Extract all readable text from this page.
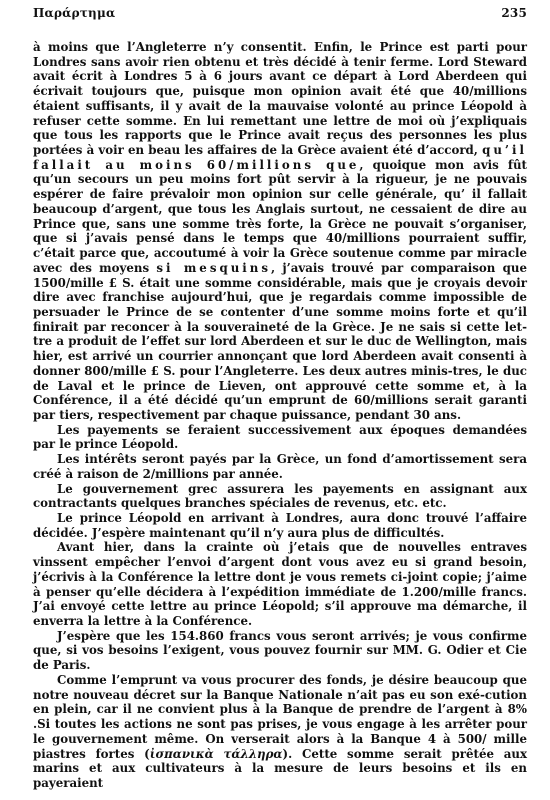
Παράρτημα	235

à moins que l’Angleterre n’y consentit. Enfin, le Prince est parti pour Londres sans avoir rien obtenu et très décidé à tenir ferme. Lord Steward avait écrit à Londres 5 à 6 jours avant ce départ à Lord Aberdeen qui écrivait toujours que, puisque mon opinion avait été que 40/millions étaient suffisants, il y avait de la mauvaise volonté au prince Léopold à refuser cette somme. En lui remettant une lettre de moi où j’expliquais que tous les rapports que le Prince avait reçus des personnes les plus portées à voir en beau les affaires de la Grèce avaient été d’accord, qu’il fallait au moins 60/millions que, quoique mon avis fût qu’un secours un peu moins fort pût servir à la rigueur, je ne pouvais espérer de faire prévaloir mon opinion sur celle générale, qu’ il fallait beaucoup d’argent, que tous les Anglais surtout, ne cessaient de dire au Prince que, sans une somme très forte, la Grèce ne pouvait s’organiser, que si j’avais pensé dans le temps que 40/millions pourraient suffir, c’était parce que, accoutumé à voir la Grèce soutenue comme par miracle avec des moyens si mesquins, j’avais trouvé par comparaison que 1500/mille £ S. était une somme considérable, mais que je croyais devoir dire avec franchise aujourd’hui, que je regardais comme impossible de persuader le Prince de se contenter d’une somme moins forte et qu’il finirait par reconcer à la souveraineté de la Grèce. Je ne sais si cette let-tre a produit de l’effet sur lord Aberdeen et sur le duc de Wellington, mais hier, est arrivé un courrier annonçant que lord Aberdeen avait consenti à donner 800/mille £ S. pour l’Angleterre. Les deux autres minis-tres, le duc de Laval et le prince de Lieven, ont approuvé cette somme et, à la Conférence, il a été décidé qu’un emprunt de 60/millions serait garanti par tiers, respectivement par chaque puissance, pendant 30 ans.

Les payements se feraient successivement aux époques demandées par le prince Léopold.

Les intérêts seront payés par la Grèce, un fond d’amortissement sera créé à raison de 2/millions par année.

Le gouvernement grec assurera les payements en assignant aux contractants quelques branches spéciales de revenus, etc. etc.

Le prince Léopold en arrivant à Londres, aura donc trouvé l’affaire décidée. J’espère maintenant qu’il n’y aura plus de difficultés.

Avant hier, dans la crainte où j’etais que de nouvelles entraves vinssent empêcher l’envoi d’argent dont vous avez eu si grand besoin, j’écrivis à la Conférence la lettre dont je vous remets ci-joint copie; j’aime à penser qu’elle décidera à l’expédition immédiate de 1.200/mille francs. J’ai envoyé cette lettre au prince Léopold; s’il approuve ma démarche, il enverra la lettre à la Conférence.

J’espère que les 154.860 francs vous seront arrivés; je vous confirme que, si vos besoins l’exigent, vous pouvez fournir sur MM. G. Odier et Cie de Paris.

Comme l’emprunt va vous procurer des fonds, je désire beaucoup que notre nouveau décret sur la Banque Nationale n’ait pas eu son exé-cution en plein, car il ne convient plus à la Banque de prendre de l’argent à 8% .Si toutes les actions ne sont pas prises, je vous engage à les arrêter pour le gouvernement même. On verserait alors à la Banque 4 à 500/ mille piastres fortes (ἰσπανικὰ τάλληρα). Cette somme serait prêtée aux marins et aux cultivateurs à la mesure de leurs besoins et ils en payeraient
